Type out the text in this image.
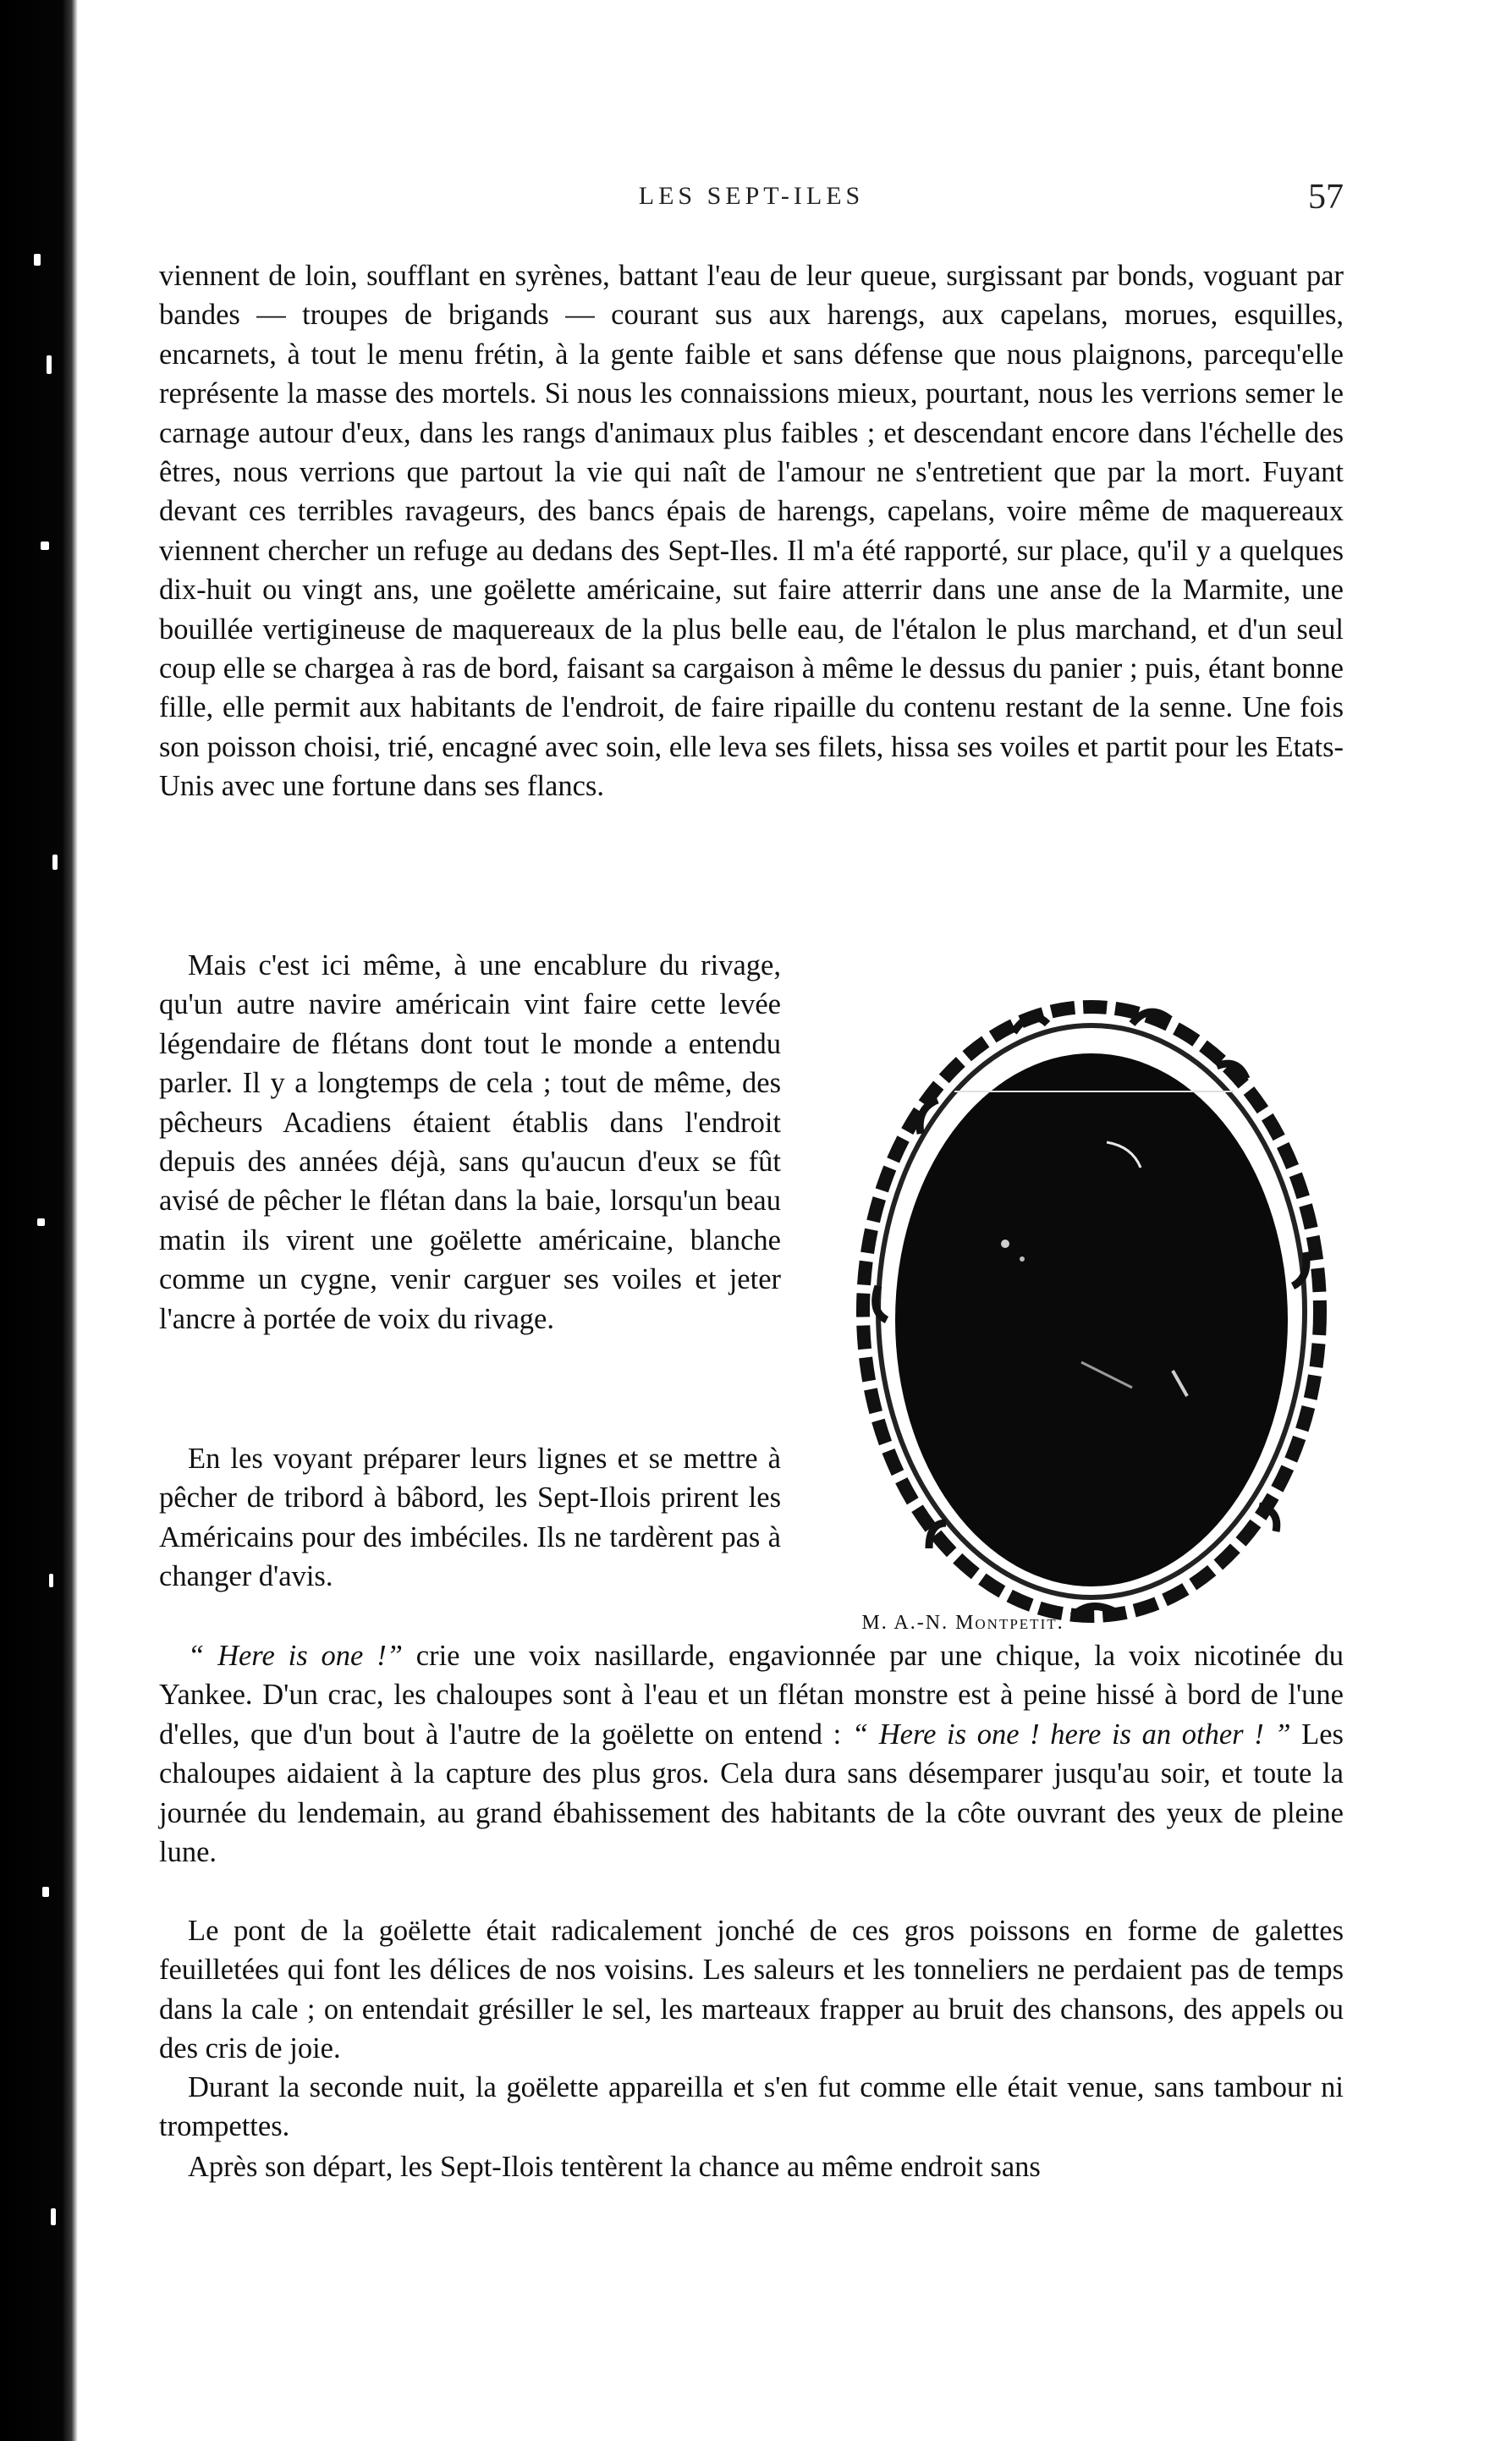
LES SEPT-ILES	57

viennent de loin, soufflant en syrènes, battant l'eau de leur queue, surgissant par bonds, voguant par bandes — troupes de brigands — courant sus aux harengs, aux capelans, morues, esquilles, encarnets, à tout le menu frétin, à la gente faible et sans défense que nous plaignons, parcequ'elle représente la masse des mortels. Si nous les connaissions mieux, pourtant, nous les verrions semer le carnage autour d'eux, dans les rangs d'animaux plus faibles ; et descendant encore dans l'échelle des êtres, nous verrions que partout la vie qui naît de l'amour ne s'entretient que par la mort. Fuyant devant ces terribles ravageurs, des bancs épais de harengs, capelans, voire même de maquereaux viennent chercher un refuge au dedans des Sept-Iles. Il m'a été rapporté, sur place, qu'il y a quelques dix-huit ou vingt ans, une goëlette américaine, sut faire atterrir dans une anse de la Marmite, une bouillée vertigineuse de maquereaux de la plus belle eau, de l'étalon le plus marchand, et d'un seul coup elle se chargea à ras de bord, faisant sa cargaison à même le dessus du panier ; puis, étant bonne fille, elle permit aux habitants de l'endroit, de faire ripaille du contenu restant de la senne. Une fois son poisson choisi, trié, encagné avec soin, elle leva ses filets, hissa ses voiles et partit pour les Etats-Unis avec une fortune dans ses flancs.

Mais c'est ici même, à une encablure du rivage, qu'un autre navire américain vint faire cette levée légendaire de flétans dont tout le monde a entendu parler. Il y a longtemps de cela ; tout de même, des pêcheurs Acadiens étaient établis dans l'endroit depuis des années déjà, sans qu'aucun d'eux se fût avisé de pêcher le flétan dans la baie, lorsqu'un beau matin ils virent une goëlette américaine, blanche comme un cygne, venir carguer ses voiles et jeter l'ancre à portée de voix du rivage.

En les voyant préparer leurs lignes et se mettre à pêcher de tribord à bâbord, les Sept-Ilois prirent les Américains pour des imbéciles. Ils ne tardèrent pas à changer d'avis.

“ Here is one !” crie une voix nasillarde, engavionnée par une chique, la voix nicotinée du Yankee. D'un crac, les chaloupes sont à l'eau et un flétan monstre est à peine hissé à bord de l'une d'elles, que d'un bout à l'autre de la goëlette on entend : “ Here is one ! here is an other ! ” Les chaloupes aidaient à la capture des plus gros. Cela dura sans désemparer jusqu'au soir, et toute la journée du lendemain, au grand ébahissement des habitants de la côte ouvrant des yeux de pleine lune.

Le pont de la goëlette était radicalement jonché de ces gros poissons en forme de galettes feuilletées qui font les délices de nos voisins. Les saleurs et les tonneliers ne perdaient pas de temps dans la cale ; on entendait grésiller le sel, les marteaux frapper au bruit des chansons, des appels ou des cris de joie.

Durant la seconde nuit, la goëlette appareilla et s'en fut comme elle était venue, sans tambour ni trompettes.

Après son départ, les Sept-Ilois tentèrent la chance au même endroit sans

M. A.-N. Montpetit.
